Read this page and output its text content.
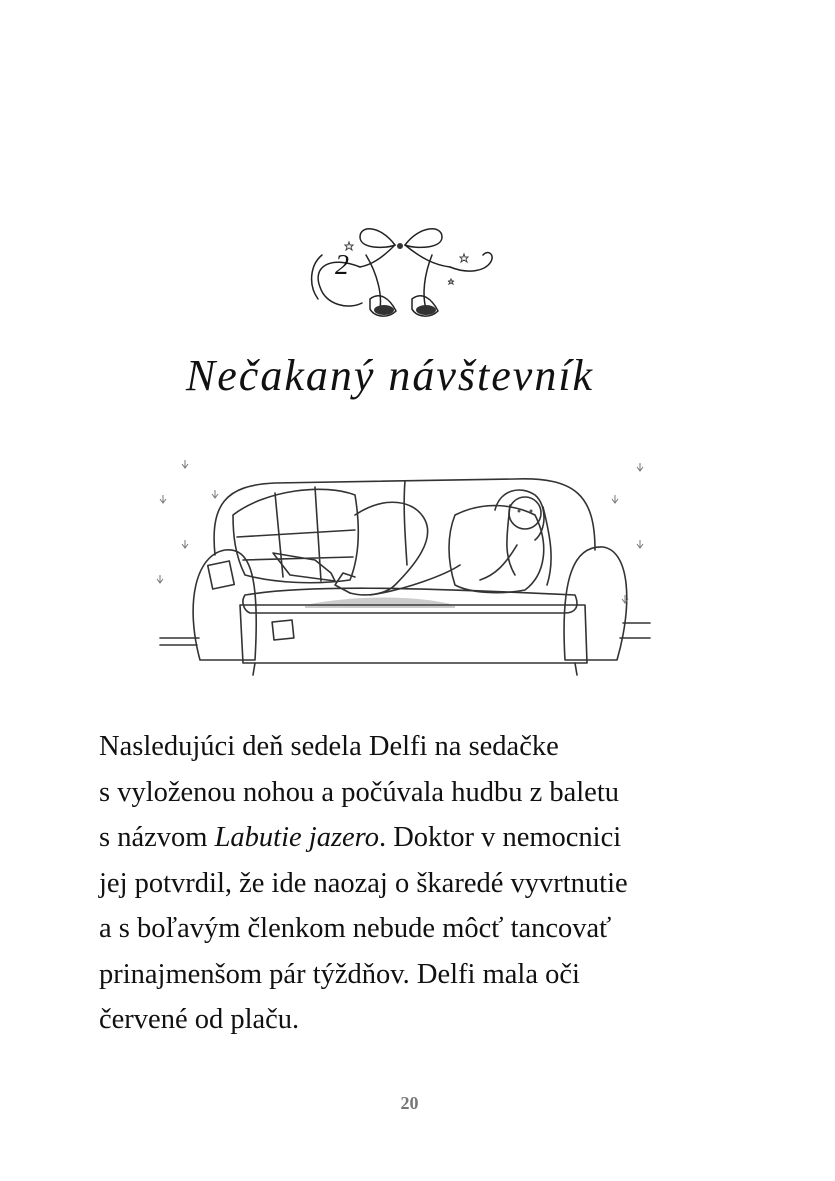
2
Nečakaný návštevník
Nasledujúci deň sedela Delfi na sedačke
s vyloženou nohou a počúvala hudbu z baletu
s názvom Labutie jazero. Doktor v nemocnici
jej potvrdil, že ide naozaj o škaredé vyvrtnutie
a s boľavým členkom nebude môcť tancovať
prinajmenšom pár týždňov. Delfi mala oči
červené od plaču.
20
